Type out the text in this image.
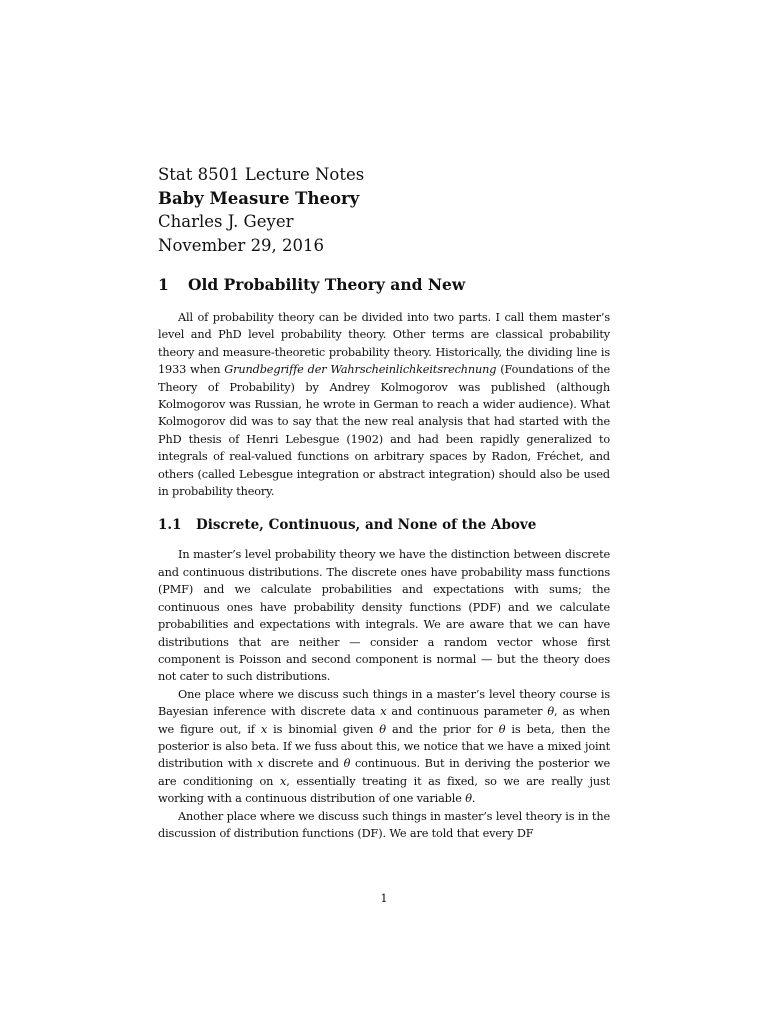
Stat 8501 Lecture Notes

Baby Measure Theory

Charles J. Geyer

November 29, 2016

1 Old Probability Theory and New

All of probability theory can be divided into two parts. I call them master’s level and PhD level probability theory. Other terms are classical probability theory and measure-theoretic probability theory. Historically, the dividing line is 1933 when Grundbegriffe der Wahrscheinlichkeitsrechnung (Foundations of the Theory of Probability) by Andrey Kolmogorov was published (although Kolmogorov was Russian, he wrote in German to reach a wider audience). What Kolmogorov did was to say that the new real analysis that had started with the PhD thesis of Henri Lebesgue (1902) and had been rapidly generalized to integrals of real-valued functions on arbitrary spaces by Radon, Fréchet, and others (called Lebesgue integration or abstract integration) should also be used in probability theory.

1.1 Discrete, Continuous, and None of the Above

In master’s level probability theory we have the distinction between discrete and continuous distributions. The discrete ones have probability mass functions (PMF) and we calculate probabilities and expectations with sums; the continuous ones have probability density functions (PDF) and we calculate probabilities and expectations with integrals. We are aware that we can have distributions that are neither — consider a random vector whose first component is Poisson and second component is normal — but the theory does not cater to such distributions.

One place where we discuss such things in a master’s level theory course is Bayesian inference with discrete data x and continuous parameter θ, as when we figure out, if x is binomial given θ and the prior for θ is beta, then the posterior is also beta. If we fuss about this, we notice that we have a mixed joint distribution with x discrete and θ continuous. But in deriving the posterior we are conditioning on x, essentially treating it as fixed, so we are really just working with a continuous distribution of one variable θ.

Another place where we discuss such things in master’s level theory is in the discussion of distribution functions (DF). We are told that every DF

1
